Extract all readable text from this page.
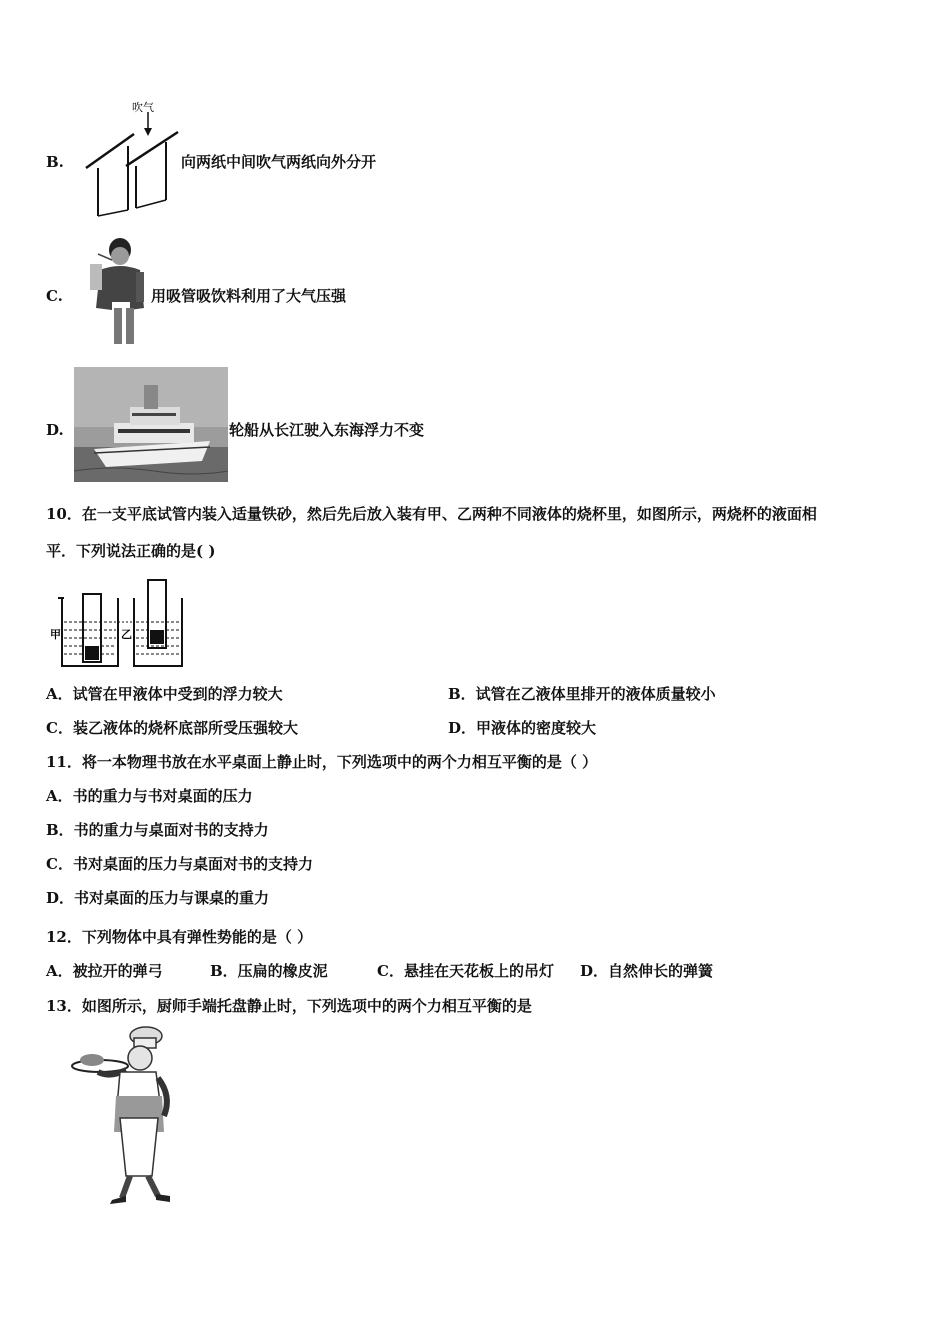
B.
吹气
向两纸中间吹气两纸向外分开
C.	用吸管吸饮料利用了大气压强
D.	轮船从长江驶入东海浮力不变
10．在一支平底试管内装入适量铁砂，然后先后放入装有甲、乙两种不同液体的烧杯里，如图所示，两烧杯的液面相
平．下列说法正确的是( )
甲	乙
A．试管在甲液体中受到的浮力较大	B．试管在乙液体里排开的液体质量较小
C．装乙液体的烧杯底部所受压强较大	D．甲液体的密度较大
11．将一本物理书放在水平桌面上静止时，下列选项中的两个力相互平衡的是（ ）
A．书的重力与书对桌面的压力
B．书的重力与桌面对书的支持力
C．书对桌面的压力与桌面对书的支持力
D．书对桌面的压力与课桌的重力
12．下列物体中具有弹性势能的是（ ）
A．被拉开的弹弓	B．压扁的橡皮泥	C．悬挂在天花板上的吊灯 D．自然伸长的弹簧
13．如图所示，厨师手端托盘静止时，下列选项中的两个力相互平衡的是
